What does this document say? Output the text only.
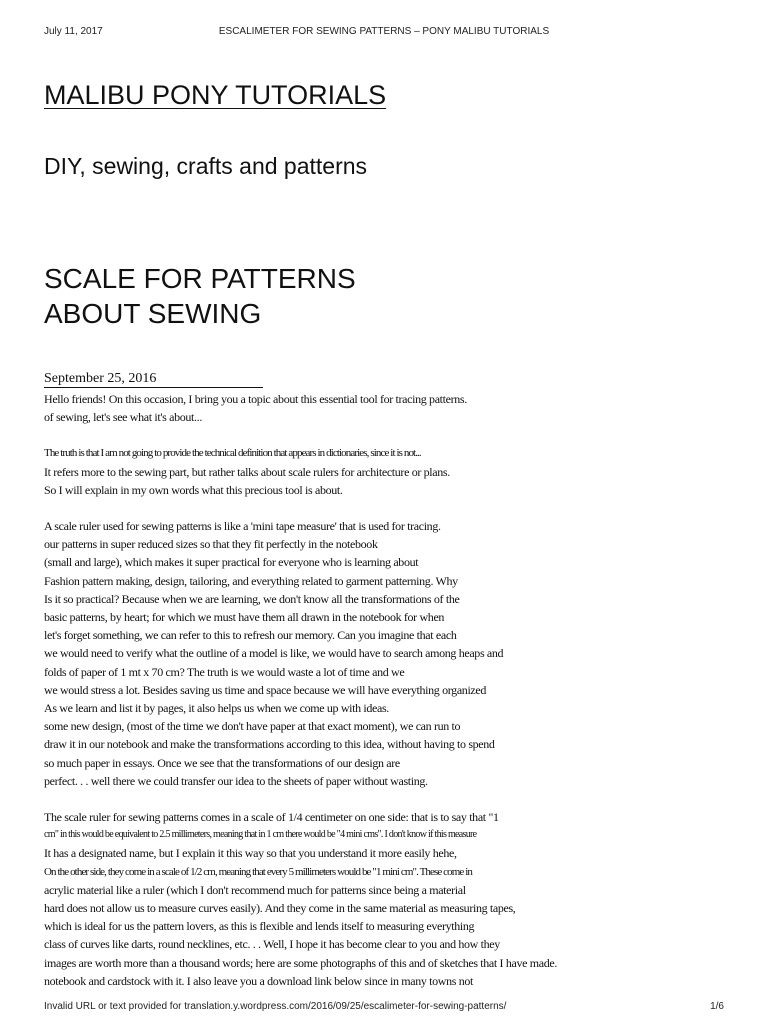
July 11, 2017	ESCALIMETER FOR SEWING PATTERNS – PONY MALIBU TUTORIALS
MALIBU PONY TUTORIALS
DIY, sewing, crafts and patterns
SCALE FOR PATTERNS
ABOUT SEWING
September 25, 2016

Hello friends! On this occasion, I bring you a topic about this essential tool for tracing patterns.
of sewing, let's see what it's about...

The truth is that I am not going to provide the technical definition that appears in dictionaries, since it is not...
It refers more to the sewing part, but rather talks about scale rulers for architecture or plans.
So I will explain in my own words what this precious tool is about.

A scale ruler used for sewing patterns is like a 'mini tape measure' that is used for tracing.
our patterns in super reduced sizes so that they fit perfectly in the notebook
(small and large), which makes it super practical for everyone who is learning about
Fashion pattern making, design, tailoring, and everything related to garment patterning. Why
Is it so practical? Because when we are learning, we don't know all the transformations of the
basic patterns, by heart; for which we must have them all drawn in the notebook for when
let's forget something, we can refer to this to refresh our memory. Can you imagine that each
we would need to verify what the outline of a model is like, we would have to search among heaps and
folds of paper of 1 mt x 70 cm? The truth is we would waste a lot of time and we
we would stress a lot. Besides saving us time and space because we will have everything organized
As we learn and list it by pages, it also helps us when we come up with ideas.
some new design, (most of the time we don't have paper at that exact moment), we can run to
draw it in our notebook and make the transformations according to this idea, without having to spend
so much paper in essays. Once we see that the transformations of our design are
perfect. . . well there we could transfer our idea to the sheets of paper without wasting.

The scale ruler for sewing patterns comes in a scale of 1/4 centimeter on one side: that is to say that "1
cm" in this would be equivalent to 2.5 millimeters, meaning that in 1 cm there would be "4 mini cms". I don't know if this measure
It has a designated name, but I explain it this way so that you understand it more easily hehe,
On the other side, they come in a scale of 1/2 cm, meaning that every 5 millimeters would be "1 mini cm". These come in
acrylic material like a ruler (which I don't recommend much for patterns since being a material
hard does not allow us to measure curves easily). And they come in the same material as measuring tapes,
which is ideal for us the pattern lovers, as this is flexible and lends itself to measuring everything
class of curves like darts, round necklines, etc. . . Well, I hope it has become clear to you and how they
images are worth more than a thousand words; here are some photographs of this and of sketches that I have made.
notebook and cardstock with it. I also leave you a download link below since in many towns not

Invalid URL or text provided for translation.y.wordpress.com/2016/09/25/escalimeter-for-sewing-patterns/	1/6
